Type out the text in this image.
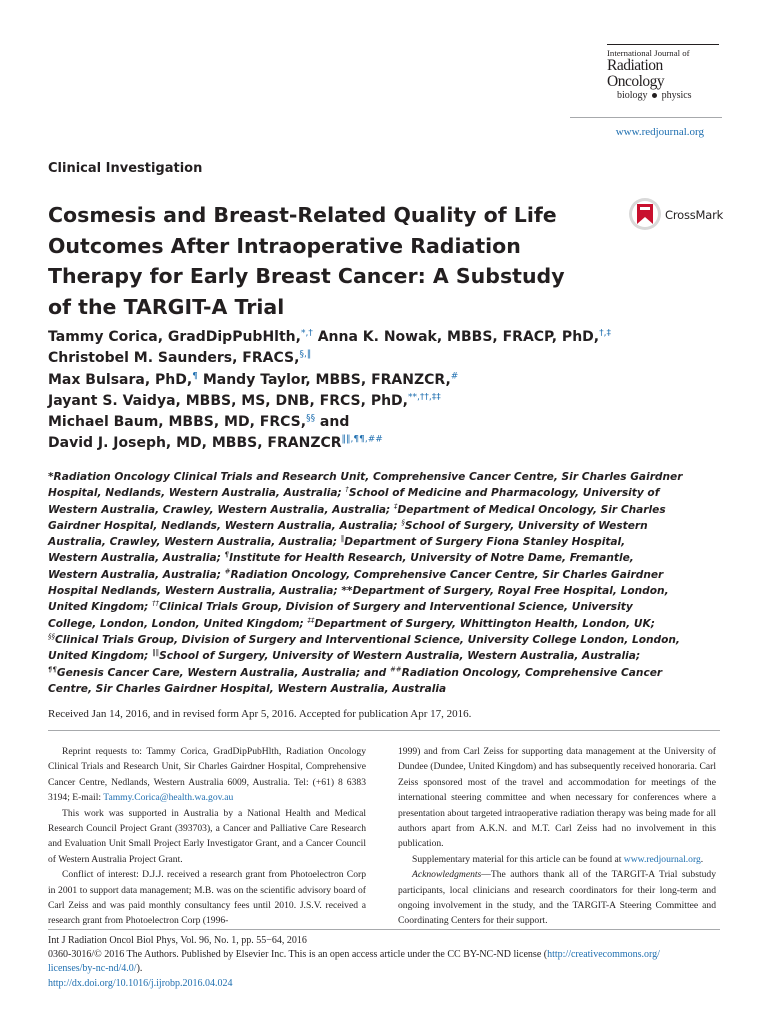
International Journal of
Radiation Oncology
biology physics
www.redjournal.org
Clinical Investigation
Cosmesis and Breast-Related Quality of Life Outcomes After Intraoperative Radiation Therapy for Early Breast Cancer: A Substudy of the TARGIT-A Trial
CrossMark
Tammy Corica, GradDipPubHlth,*,† Anna K. Nowak, MBBS, FRACP, PhD,†,‡
Christobel M. Saunders, FRACS,§,‖
Max Bulsara, PhD,¶ Mandy Taylor, MBBS, FRANZCR,#
Jayant S. Vaidya, MBBS, MS, DNB, FRCS, PhD,**,††,‡‡
Michael Baum, MBBS, MD, FRCS,§§ and
David J. Joseph, MD, MBBS, FRANZCR‖‖,¶¶,##
*Radiation Oncology Clinical Trials and Research Unit, Comprehensive Cancer Centre, Sir Charles Gairdner
Hospital, Nedlands, Western Australia, Australia; †School of Medicine and Pharmacology, University of
Western Australia, Crawley, Western Australia, Australia; ‡Department of Medical Oncology, Sir Charles
Gairdner Hospital, Nedlands, Western Australia, Australia; §School of Surgery, University of Western
Australia, Crawley, Western Australia, Australia; ‖Department of Surgery Fiona Stanley Hospital,
Western Australia, Australia; ¶Institute for Health Research, University of Notre Dame, Fremantle,
Western Australia, Australia; #Radiation Oncology, Comprehensive Cancer Centre, Sir Charles Gairdner
Hospital Nedlands, Western Australia, Australia; **Department of Surgery, Royal Free Hospital, London,
United Kingdom; ††Clinical Trials Group, Division of Surgery and Interventional Science, University
College, London, London, United Kingdom; ‡‡Department of Surgery, Whittington Health, London, UK;
§§Clinical Trials Group, Division of Surgery and Interventional Science, University College London, London,
United Kingdom; ‖‖School of Surgery, University of Western Australia, Western Australia, Australia;
¶¶Genesis Cancer Care, Western Australia, Australia; and ##Radiation Oncology, Comprehensive Cancer
Centre, Sir Charles Gairdner Hospital, Western Australia, Australia
Received Jan 14, 2016, and in revised form Apr 5, 2016. Accepted for publication Apr 17, 2016.

Reprint requests to: Tammy Corica, GradDipPubHlth, Radiation Oncology Clinical Trials and Research Unit, Sir Charles Gairdner Hospital, Comprehensive Cancer Centre, Nedlands, Western Australia 6009, Australia. Tel: (+61) 8 6383 3194; E-mail: Tammy.Corica@health.wa.gov.au

This work was supported in Australia by a National Health and Medical Research Council Project Grant (393703), a Cancer and Palliative Care Research and Evaluation Unit Small Project Early Investigator Grant, and a Cancer Council of Western Australia Project Grant.

Conflict of interest: D.J.J. received a research grant from Photoelectron Corp in 2001 to support data management; M.B. was on the scientific advisory board of Carl Zeiss and was paid monthly consultancy fees until 2010. J.S.V. received a research grant from Photoelectron Corp (1996-

1999) and from Carl Zeiss for supporting data management at the University of Dundee (Dundee, United Kingdom) and has subsequently received honoraria. Carl Zeiss sponsored most of the travel and accommodation for meetings of the international steering committee and when necessary for conferences where a presentation about targeted intraoperative radiation therapy was being made for all authors apart from A.K.N. and M.T. Carl Zeiss had no involvement in this publication.

Supplementary material for this article can be found at www.redjournal.org.

Acknowledgments—The authors thank all of the TARGIT-A Trial substudy participants, local clinicians and research coordinators for their long-term and ongoing involvement in the study, and the TARGIT-A Steering Committee and Coordinating Centers for their support.

Int J Radiation Oncol Biol Phys, Vol. 96, No. 1, pp. 55−64, 2016
0360-3016/© 2016 The Authors. Published by Elsevier Inc. This is an open access article under the CC BY-NC-ND license (http://creativecommons.org/
licenses/by-nc-nd/4.0/).
http://dx.doi.org/10.1016/j.ijrobp.2016.04.024
